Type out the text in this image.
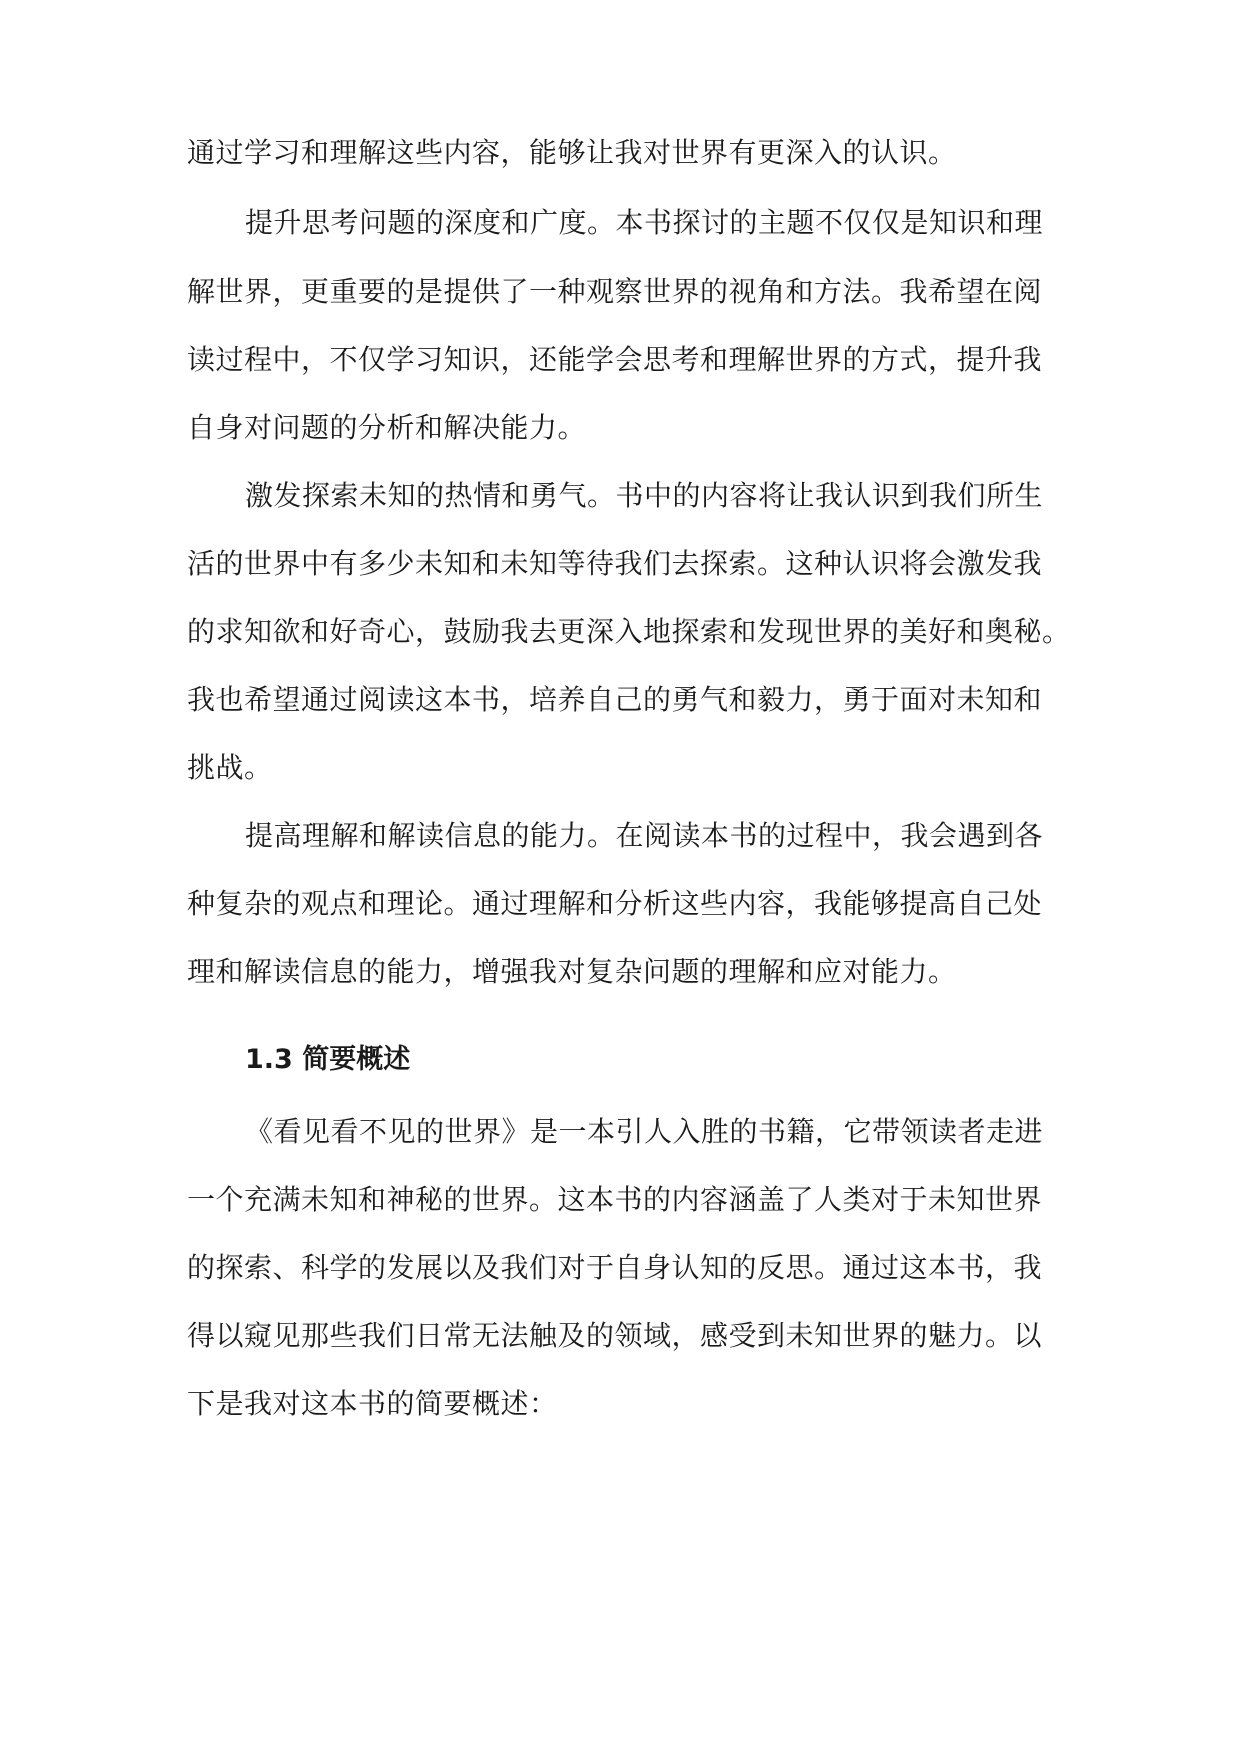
通过学习和理解这些内容，能够让我对世界有更深入的认识。

提升思考问题的深度和广度。本书探讨的主题不仅仅是知识和理

解世界，更重要的是提供了一种观察世界的视角和方法。我希望在阅

读过程中，不仅学习知识，还能学会思考和理解世界的方式，提升我

自身对问题的分析和解决能力。

激发探索未知的热情和勇气。书中的内容将让我认识到我们所生

活的世界中有多少未知和未知等待我们去探索。这种认识将会激发我

的求知欲和好奇心，鼓励我去更深入地探索和发现世界的美好和奥秘。

我也希望通过阅读这本书，培养自己的勇气和毅力，勇于面对未知和

挑战。

提高理解和解读信息的能力。在阅读本书的过程中，我会遇到各

种复杂的观点和理论。通过理解和分析这些内容，我能够提高自己处

理和解读信息的能力，增强我对复杂问题的理解和应对能力。

1.3 简要概述

《看见看不见的世界》是一本引人入胜的书籍，它带领读者走进

一个充满未知和神秘的世界。这本书的内容涵盖了人类对于未知世界

的探索、科学的发展以及我们对于自身认知的反思。通过这本书，我

得以窥见那些我们日常无法触及的领域，感受到未知世界的魅力。以

下是我对这本书的简要概述：
